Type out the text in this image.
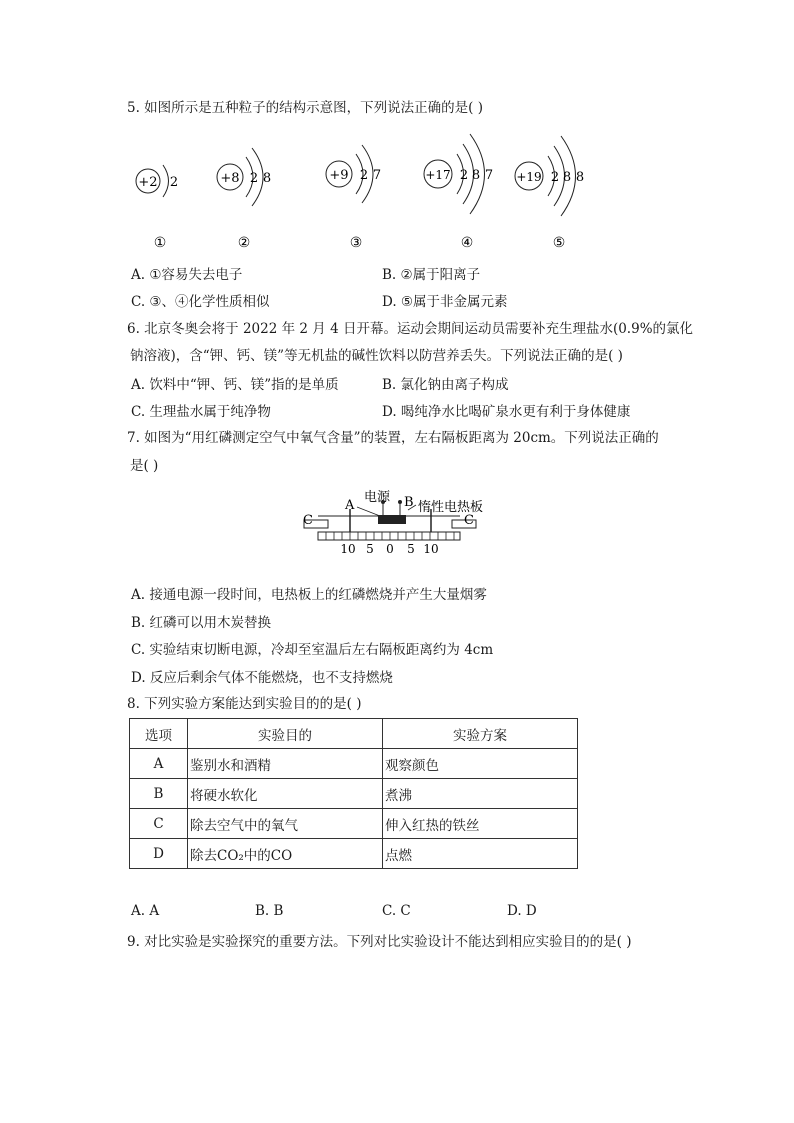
5. 如图所示是五种粒子的结构示意图，下列说法正确的是( )
+2 2	+8 2 8	+9 2 7	+17 2 8 7 +19 2 8 8
①	②	③	④	⑤
A. ①容易失去电子	B. ②属于阳离子
C. ③、④化学性质相似	D. ⑤属于非金属元素
6. 北京冬奥会将于 2022 年 2 月 4 日开幕。运动会期间运动员需要补充生理盐水(0.9%的氯化
钠溶液)，含“钾、钙、镁”等无机盐的碱性饮料以防营养丢失。下列说法正确的是( )
A. 饮料中“钾、钙、镁”指的是单质	B. 氯化钠由离子构成
C. 生理盐水属于纯净物	D. 喝纯净水比喝矿泉水更有利于身体健康
7. 如图为“用红磷测定空气中氧气含量”的装置，左右隔板距离为 20cm。下列说法正确的
是( )
A
电源 B 惰性电热板
C	C
10 5 0 5 10
A. 接通电源一段时间，电热板上的红磷燃烧并产生大量烟雾
B. 红磷可以用木炭替换
C. 实验结束切断电源，冷却至室温后左右隔板距离约为 4cm
D. 反应后剩余气体不能燃烧，也不支持燃烧
8. 下列实验方案能达到实验目的的是( )
选项	实验目的	实验方案
A	鉴别水和酒精	观察颜色
B	将硬水软化	煮沸
C	除去空气中的氧气	伸入红热的铁丝
D	除去CO₂中的CO	点燃
A. A	B. B	C. C	D. D
9. 对比实验是实验探究的重要方法。下列对比实验设计不能达到相应实验目的的是( )
